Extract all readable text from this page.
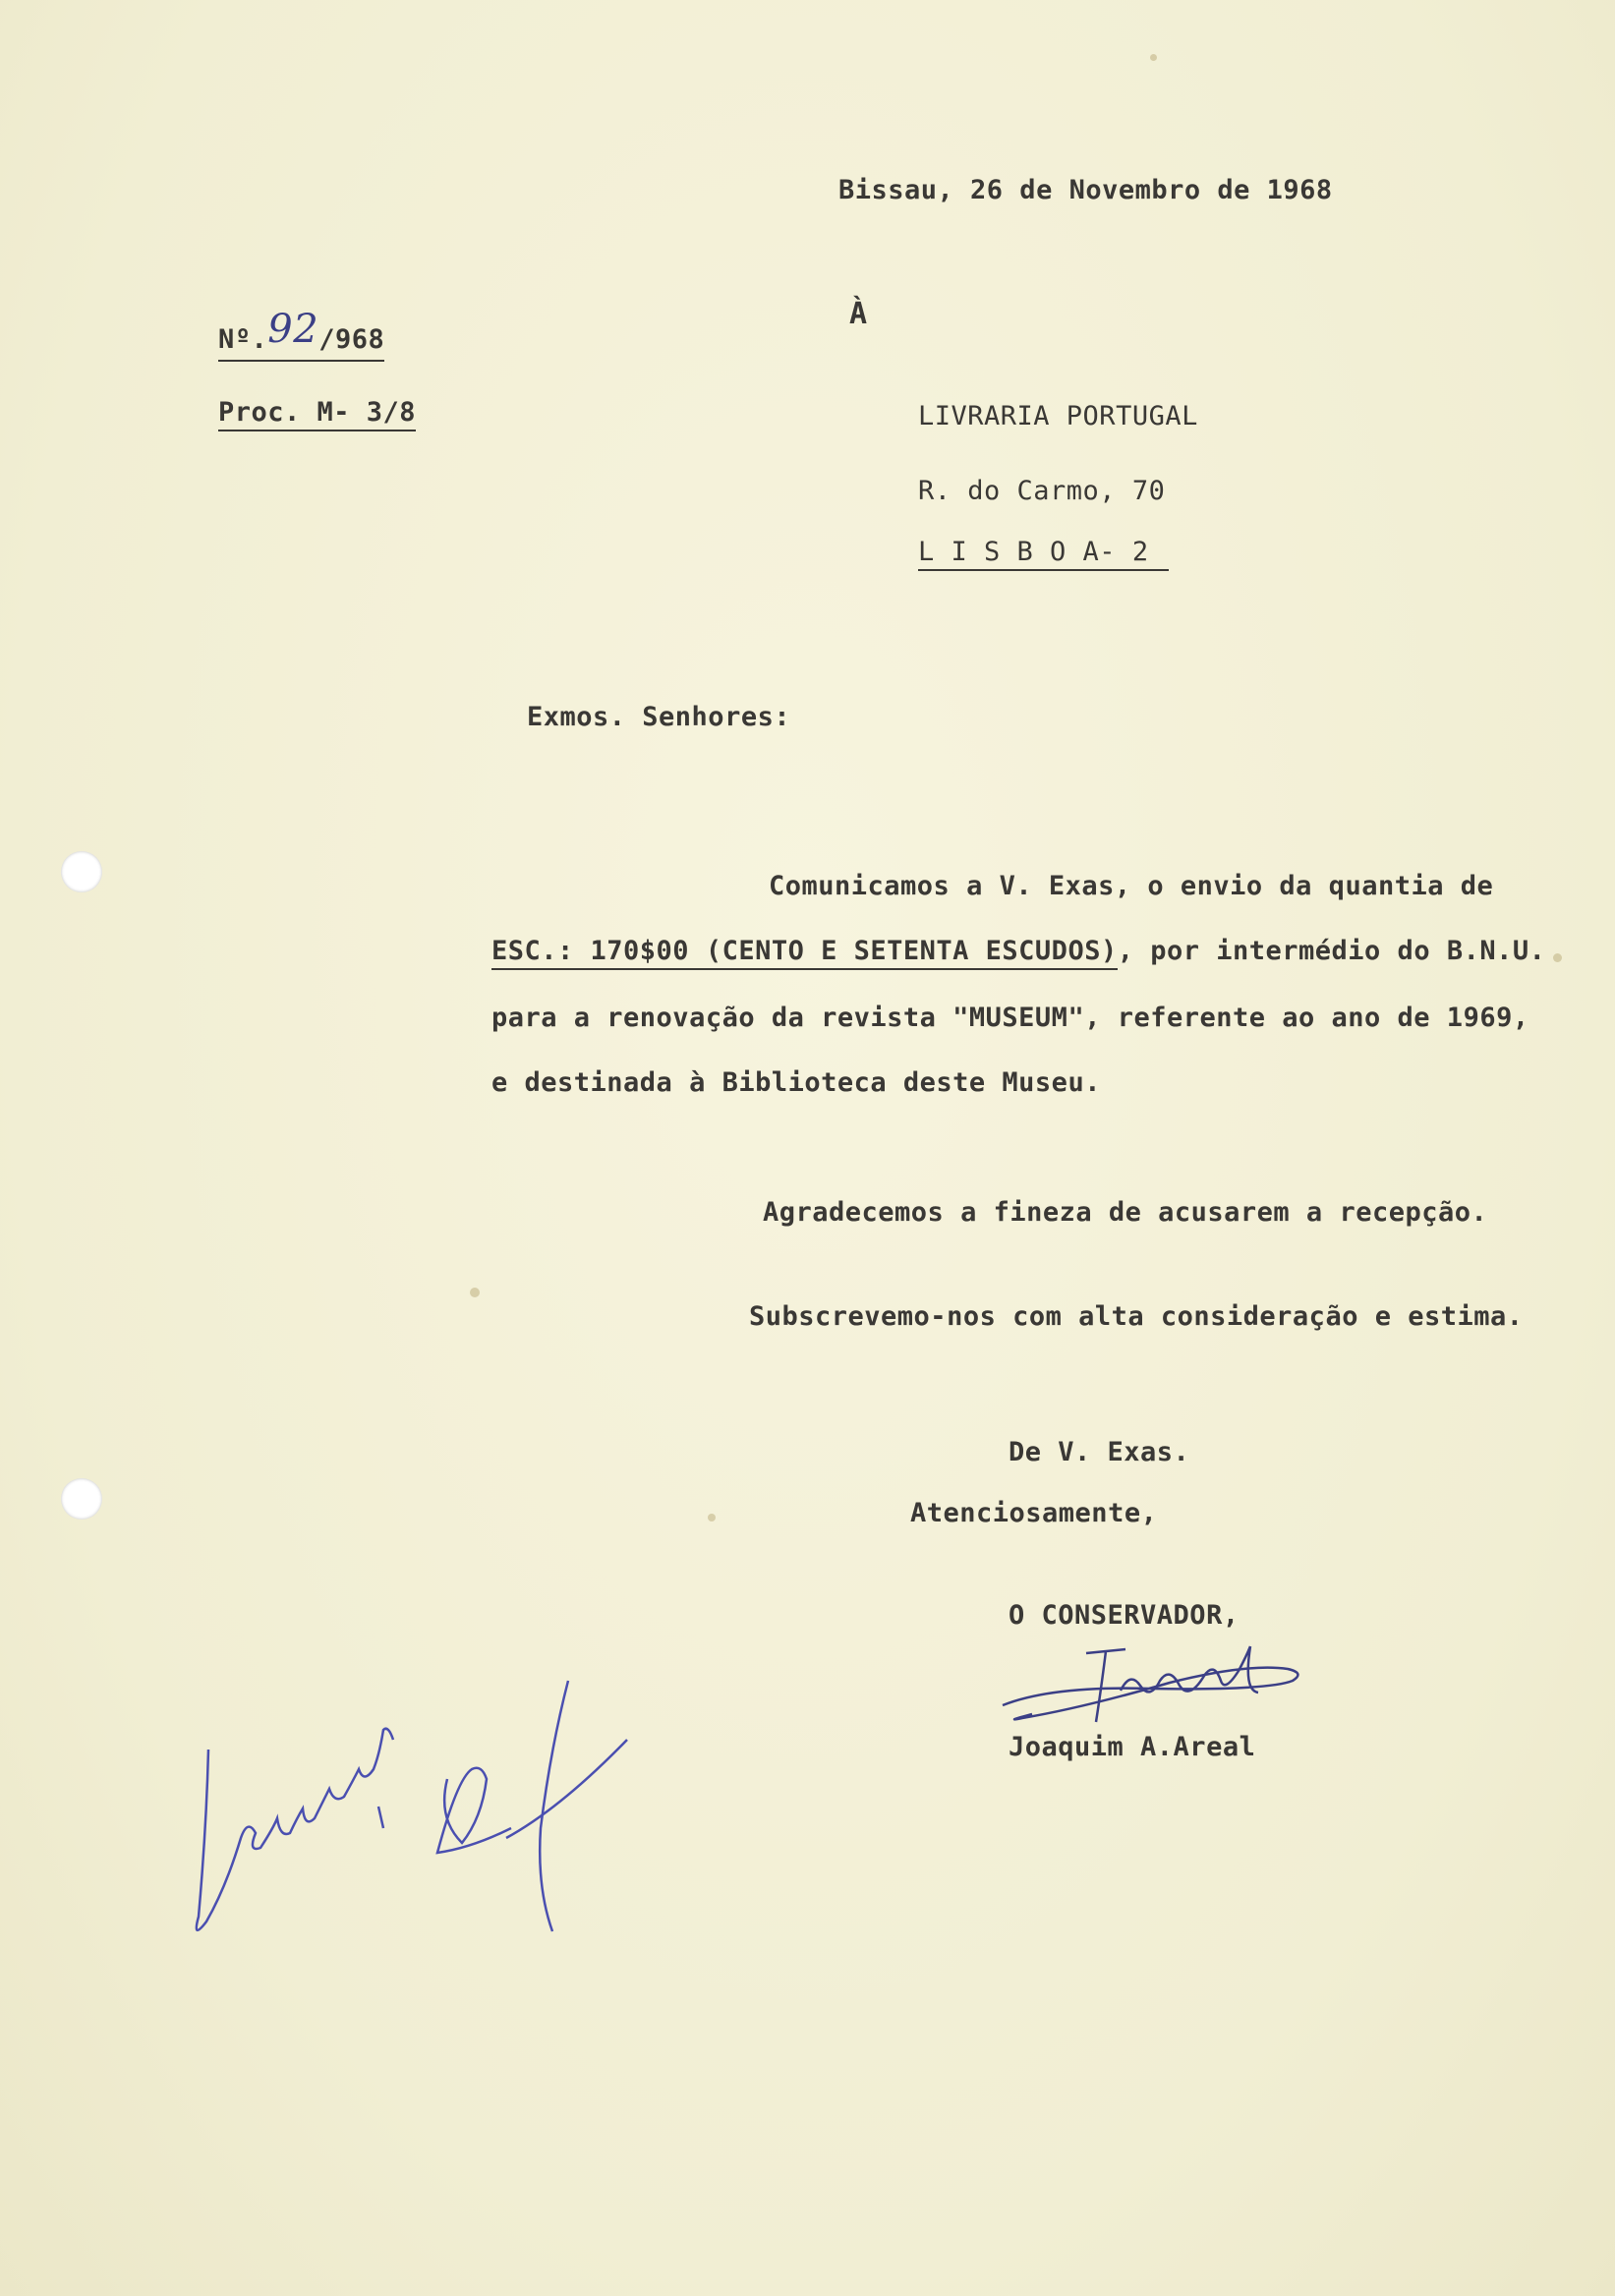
Bissau, 26 de Novembro de 1968
Nº.92/968
À
Proc. M- 3/8	LIVRARIA PORTUGAL
R. do Carmo, 70
L I S B O A- 2
Exmos. Senhores:
Comunicamos a V. Exas, o envio da quantia de
ESC.: 170$00 (CENTO E SETENTA ESCUDOS), por intermédio do B.N.U.
para a renovação da revista "MUSEUM", referente ao ano de 1969,
e destinada à Biblioteca deste Museu.
Agradecemos a fineza de acusarem a recepção.
Subscrevemo-nos com alta consideração e estima.
De V. Exas.
Atenciosamente,
O CONSERVADOR,
Joaquim A.Areal
